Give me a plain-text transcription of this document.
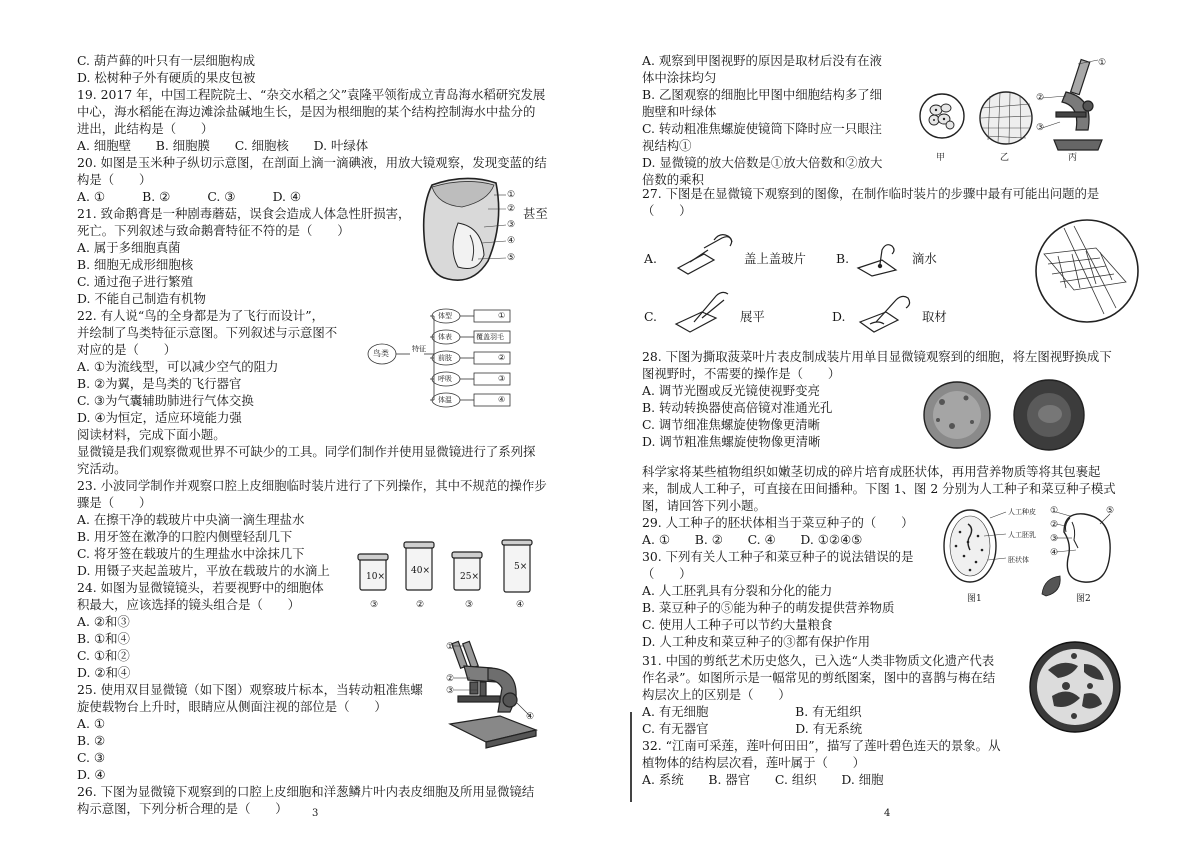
C. 葫芦藓的叶只有一层细胞构成
D. 松树种子外有硬质的果皮包被
19. 2017 年，中国工程院院士、“杂交水稻之父”袁隆平领衔成立青岛海水稻研究发展
中心，海水稻能在海边滩涂盐碱地生长，是因为根细胞的某个结构控制海水中盐分的
进出，此结构是（　　）
A. 细胞壁　　B. 细胞膜　　C. 细胞核　　D. 叶绿体
20. 如图是玉米种子纵切示意图，在剖面上滴一滴碘液，用放大镜观察，发现变蓝的结
构是（　　）
A. ①　　　B. ②　　　C. ③　　　D. ④
21. 致命鹅膏是一种剧毒蘑菇，误食会造成人体急性肝损害，	甚至
死亡。下列叙述与致命鹅膏特征不符的是（　　）
A. 属于多细胞真菌
B. 细胞无成形细胞核
C. 通过孢子进行繁殖
D. 不能自己制造有机物
22. 有人说“鸟的全身都是为了飞行而设计”，
并绘制了鸟类特征示意图。下列叙述与示意图不
对应的是（　　）
A. ①为流线型，可以减少空气的阻力
B. ②为翼，是鸟类的飞行器官
C. ③为气囊辅助肺进行气体交换
D. ④为恒定，适应环境能力强
阅读材料，完成下面小题。
显微镜是我们观察微观世界不可缺少的工具。同学们制作并使用显微镜进行了系列探
究活动。
23. 小波同学制作并观察口腔上皮细胞临时装片进行了下列操作，其中不规范的操作步
骤是（　　）
A. 在擦干净的载玻片中央滴一滴生理盐水
B. 用牙签在漱净的口腔内侧壁轻刮几下
C. 将牙签在载玻片的生理盐水中涂抹几下
D. 用镊子夹起盖玻片，平放在载玻片的水滴上
24. 如图为显微镜镜头，若要视野中的细胞体
积最大，应该选择的镜头组合是（　　）
A. ②和③
B. ①和④
C. ①和②
D. ②和④
25. 使用双目显微镜（如下图）观察玻片标本，当转动粗准焦螺
旋使载物台上升时，眼睛应从侧面注视的部位是（　　）
A. ①
B. ②
C. ③
D. ④
26. 下图为显微镜下观察到的口腔上皮细胞和洋葱鳞片叶内表皮细胞及所用显微镜结
构示意图，下列分析合理的是（　　）
①
②
③
④
⑤
鸟类	特征
体型
体表
前肢
呼吸
体温
①
覆盖羽毛
②
③
④
10×
40×
25×
5×
③	②	③	④
①
②
③
④
3
A. 观察到甲图视野的原因是取材后没有在液
体中涂抹均匀
B. 乙图观察的细胞比甲图中细胞结构多了细
胞壁和叶绿体
C. 转动粗准焦螺旋使镜筒下降时应一只眼注
视结构①
D. 显微镜的放大倍数是①放大倍数和②放大
倍数的乘积
27. 下图是在显微镜下观察到的图像，在制作临时装片的步骤中最有可能出问题的是
（　　）
①
②
③
甲	乙	丙
A.	盖上盖玻片 B.	滴水
C.	展平	D.	取材
28. 下图为撕取菠菜叶片表皮制成装片用单目显微镜观察到的细胞，将左图视野换成下
图视野时，不需要的操作是（　　）
A. 调节光圈或反光镜使视野变亮
B. 转动转换器使高倍镜对准通光孔
C. 调节细准焦螺旋使物像更清晰
D. 调节粗准焦螺旋使物像更清晰
科学家将某些植物组织如嫩茎切成的碎片培育成胚状体，再用营养物质等将其包裹起
来，制成人工种子，可直接在田间播种。下图 1、图 2 分别为人工种子和菜豆种子模式
图，请回答下列小题。
29. 人工种子的胚状体相当于菜豆种子的（　　）
A. ①　　B. ②　　C. ④　　D. ①②④⑤
30. 下列有关人工种子和菜豆种子的说法错误的是
（　　）
A. 人工胚乳具有分裂和分化的能力
B. 菜豆种子的⑤能为种子的萌发提供营养物质
C. 使用人工种子可以节约大量粮食
D. 人工种皮和菜豆种子的③都有保护作用
人工种皮
人工胚乳
胚状体
图1
①
②
③
④
⑤
图2
31. 中国的剪纸艺术历史悠久，已入选“人类非物质文化遗产代表
作名录”。如图所示是一幅常见的剪纸图案，图中的喜鹊与梅在结
构层次上的区别是（　　）
A. 有无细胞　　　　　　　B. 有无组织
C. 有无器官　　　　　　　D. 有无系统
32. “江南可采莲，莲叶何田田”，描写了莲叶碧色连天的景象。从
植物体的结构层次看，莲叶属于（　　）
A. 系统　　B. 器官　　C. 组织　　D. 细胞
4
